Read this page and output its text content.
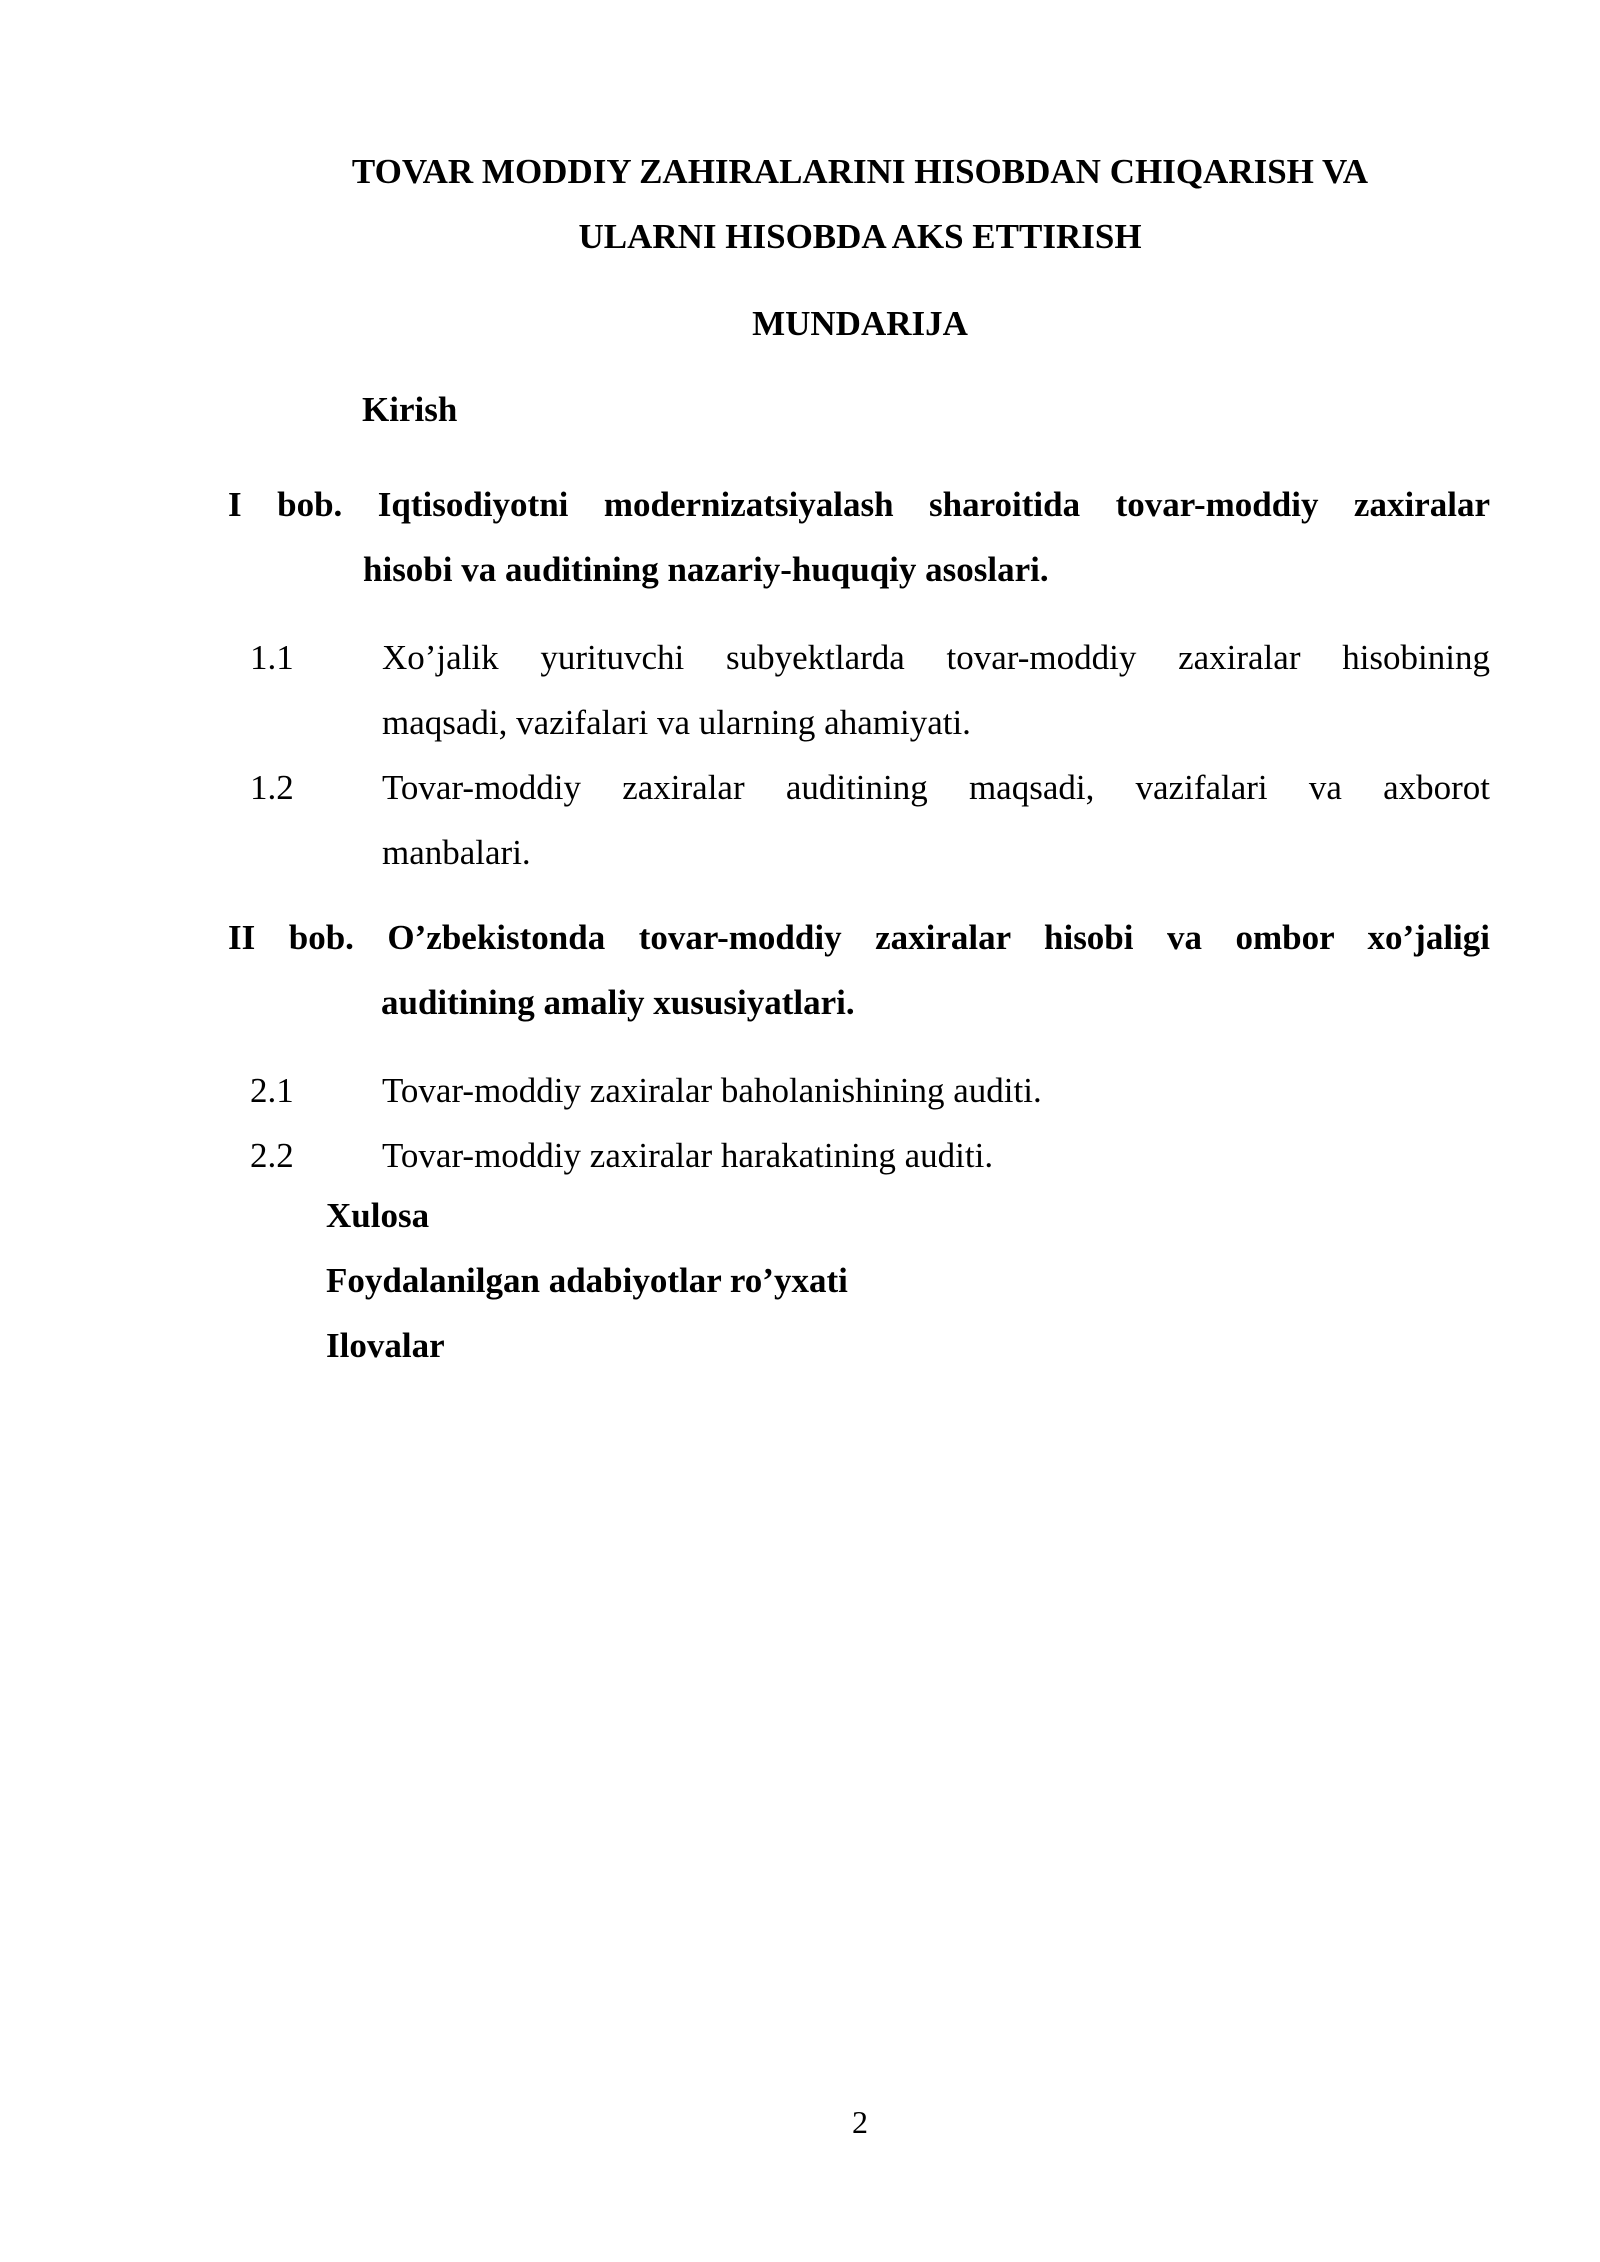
TOVAR MODDIY ZAHIRALARINI HISOBDAN CHIQARISH VA
ULARNI HISOBDA AKS ETTIRISH
MUNDARIJA
Kirish
I bob. Iqtisodiyotni modernizatsiyalash sharoitida tovar-moddiy zaxiralar
hisobi va auditining nazariy-huquqiy asoslari.
1.1	Xo’jalik yurituvchi subyektlarda tovar-moddiy zaxiralar hisobining
maqsadi, vazifalari va ularning ahamiyati.
1.2	Tovar-moddiy zaxiralar auditining maqsadi, vazifalari va axborot
manbalari.
II bob. O’zbekistonda tovar-moddiy zaxiralar hisobi va ombor xo’jaligi
auditining amaliy xususiyatlari.
2.1	Tovar-moddiy zaxiralar baholanishining auditi.
2.2	Tovar-moddiy zaxiralar harakatining auditi.
Xulosa
Foydalanilgan adabiyotlar ro’yxati
Ilovalar
2
